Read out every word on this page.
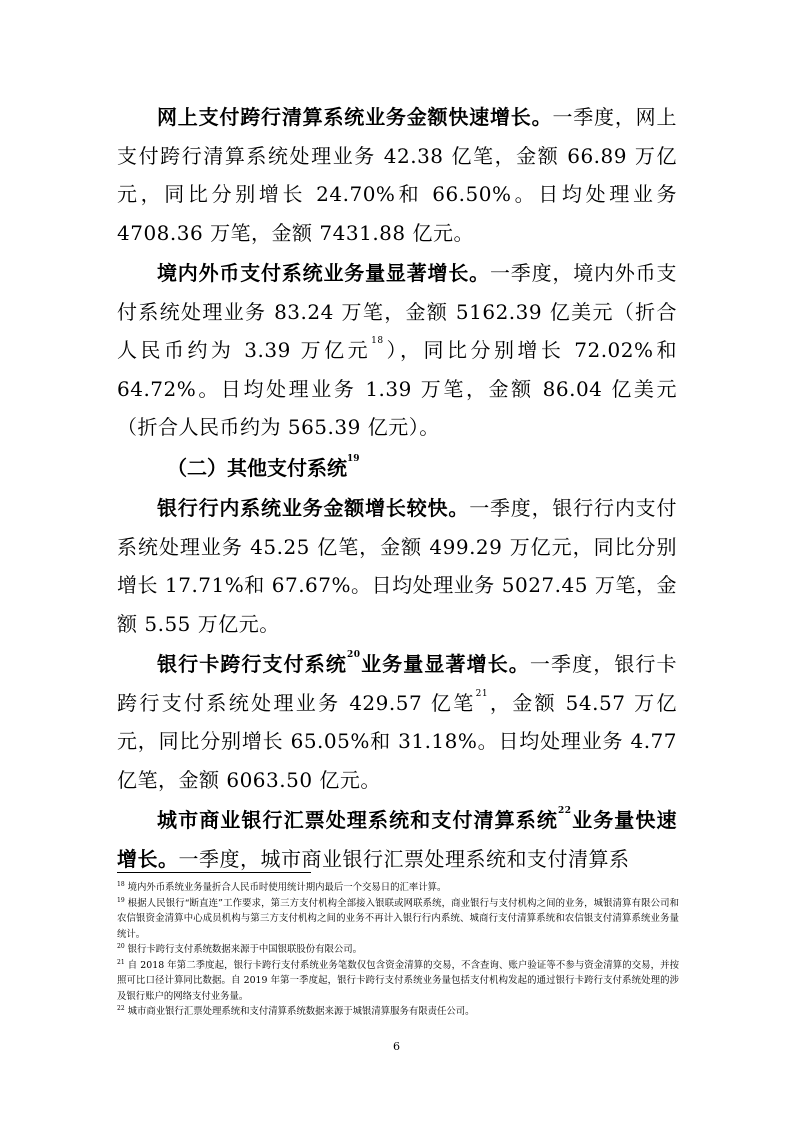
网上支付跨行清算系统业务金额快速增长。一季度，网上支付跨行清算系统处理业务 42.38 亿笔，金额 66.89 万亿元，同比分别增长 24.70%和 66.50%。日均处理业务 4708.36 万笔，金额 7431.88 亿元。

境内外币支付系统业务量显著增长。一季度，境内外币支付系统处理业务 83.24 万笔，金额 5162.39 亿美元（折合人民币约为 3.39 万亿元$^{18}$），同比分别增长 72.02%和 64.72%。日均处理业务 1.39 万笔，金额 86.04 亿美元（折合人民币约为 565.39 亿元）。

（二）其他支付系统$^{19}$

银行行内系统业务金额增长较快。一季度，银行行内支付系统处理业务 45.25 亿笔，金额 499.29 万亿元，同比分别增长 17.71%和 67.67%。日均处理业务 5027.45 万笔，金额 5.55 万亿元。

银行卡跨行支付系统$^{20}$业务量显著增长。一季度，银行卡跨行支付系统处理业务 429.57 亿笔$^{21}$，金额 54.57 万亿元，同比分别增长 65.05%和 31.18%。日均处理业务 4.77 亿笔，金额 6063.50 亿元。

城市商业银行汇票处理系统和支付清算系统$^{22}$业务量快速增长。一季度，城市商业银行汇票处理系统和支付清算系

$^{18}$ 境内外币系统业务量折合人民币时使用统计期内最后一个交易日的汇率计算。

$^{19}$ 根据人民银行“断直连”工作要求，第三方支付机构全部接入银联或网联系统，商业银行与支付机构之间的业务，城银清算有限公司和农信银资金清算中心成员机构与第三方支付机构之间的业务不再计入银行行内系统、城商行支付清算系统和农信银支付清算系统业务量统计。

$^{20}$ 银行卡跨行支付系统数据来源于中国银联股份有限公司。

$^{21}$ 自 2018 年第二季度起，银行卡跨行支付系统业务笔数仅包含资金清算的交易，不含查询、账户验证等不参与资金清算的交易，并按照可比口径计算同比数据。自 2019 年第一季度起，银行卡跨行支付系统业务量包括支付机构发起的通过银行卡跨行支付系统处理的涉及银行账户的网络支付业务量。

$^{22}$ 城市商业银行汇票处理系统和支付清算系统数据来源于城银清算服务有限责任公司。

6
